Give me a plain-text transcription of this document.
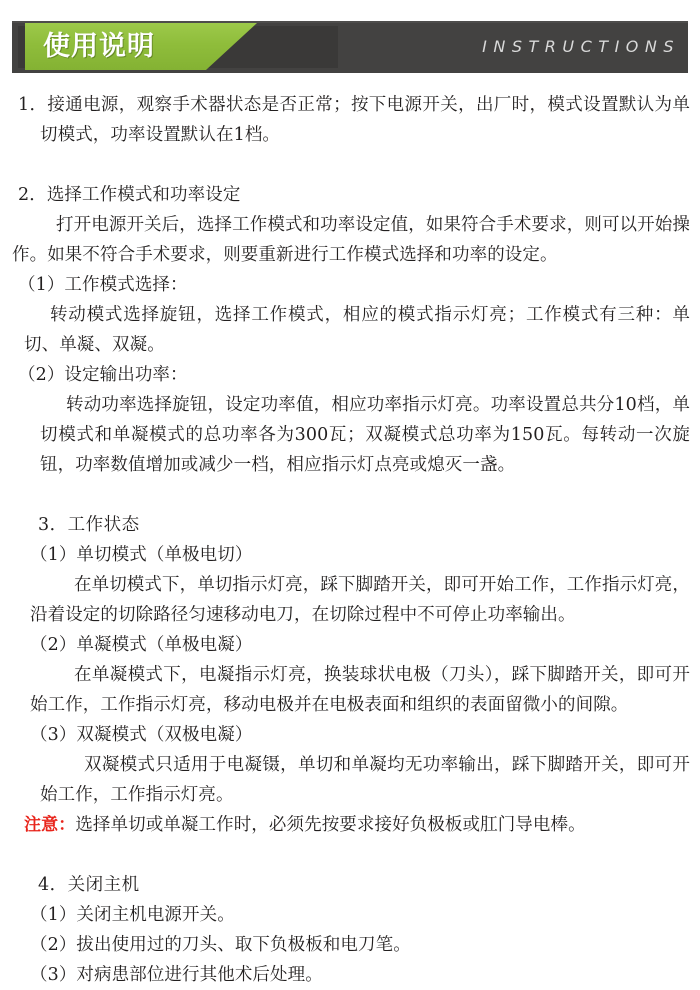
使用说明	INSTRUCTIONS

1．接通电源，观察手术器状态是否正常；按下电源开关，出厂时，模式设置默认为单切模式，功率设置默认在1档。

2．选择工作模式和功率设定

打开电源开关后，选择工作模式和功率设定值，如果符合手术要求，则可以开始操作。如果不符合手术要求，则要重新进行工作模式选择和功率的设定。

（1）工作模式选择：

转动模式选择旋钮，选择工作模式，相应的模式指示灯亮；工作模式有三种：单切、单凝、双凝。

（2）设定输出功率：

转动功率选择旋钮，设定功率值，相应功率指示灯亮。功率设置总共分10档，单切模式和单凝模式的总功率各为300瓦；双凝模式总功率为150瓦。每转动一次旋钮，功率数值增加或减少一档，相应指示灯点亮或熄灭一盏。

3．工作状态

（1）单切模式（单极电切）

在单切模式下，单切指示灯亮，踩下脚踏开关，即可开始工作，工作指示灯亮，沿着设定的切除路径匀速移动电刀，在切除过程中不可停止功率输出。

（2）单凝模式（单极电凝）

在单凝模式下，电凝指示灯亮，换装球状电极（刀头），踩下脚踏开关，即可开始工作，工作指示灯亮，移动电极并在电极表面和组织的表面留微小的间隙。

（3）双凝模式（双极电凝）

双凝模式只适用于电凝镊，单切和单凝均无功率输出，踩下脚踏开关，即可开始工作，工作指示灯亮。

注意：选择单切或单凝工作时，必须先按要求接好负极板或肛门导电棒。

4．关闭主机

（1）关闭主机电源开关。

（2）拔出使用过的刀头、取下负极板和电刀笔。

（3）对病患部位进行其他术后处理。
